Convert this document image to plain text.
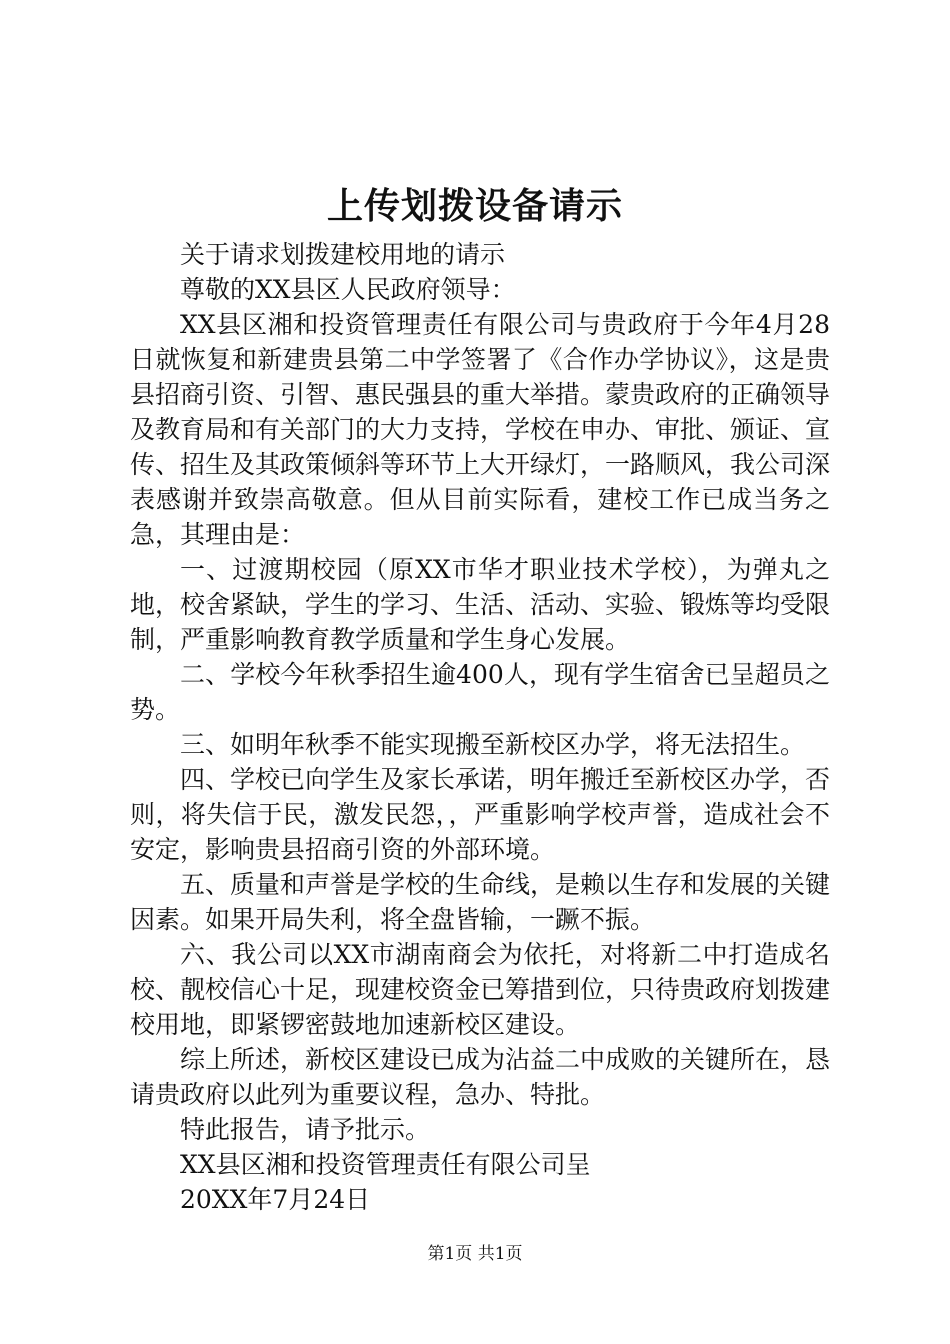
上传划拨设备请示

关于请求划拨建校用地的请示

尊敬的XX县区人民政府领导：

XX县区湘和投资管理责任有限公司与贵政府于今年4月28日就恢复和新建贵县第二中学签署了《合作办学协议》，这是贵县招商引资、引智、惠民强县的重大举措。蒙贵政府的正确领导及教育局和有关部门的大力支持，学校在申办、审批、颁证、宣传、招生及其政策倾斜等环节上大开绿灯，一路顺风，我公司深表感谢并致崇高敬意。但从目前实际看，建校工作已成当务之急，其理由是：

一、过渡期校园（原XX市华才职业技术学校），为弹丸之地，校舍紧缺，学生的学习、生活、活动、实验、锻炼等均受限制，严重影响教育教学质量和学生身心发展。

二、学校今年秋季招生逾400人，现有学生宿舍已呈超员之势。

三、如明年秋季不能实现搬至新校区办学，将无法招生。

四、学校已向学生及家长承诺，明年搬迁至新校区办学，否则，将失信于民，激发民怨，，严重影响学校声誉，造成社会不安定，影响贵县招商引资的外部环境。

五、质量和声誉是学校的生命线，是赖以生存和发展的关键因素。如果开局失利，将全盘皆输，一蹶不振。

六、我公司以XX市湖南商会为依托，对将新二中打造成名校、靓校信心十足，现建校资金已筹措到位，只待贵政府划拨建校用地，即紧锣密鼓地加速新校区建设。

综上所述，新校区建设已成为沾益二中成败的关键所在，恳请贵政府以此列为重要议程，急办、特批。

特此报告，请予批示。

XX县区湘和投资管理责任有限公司呈

20XX年7月24日

第1页 共1页
